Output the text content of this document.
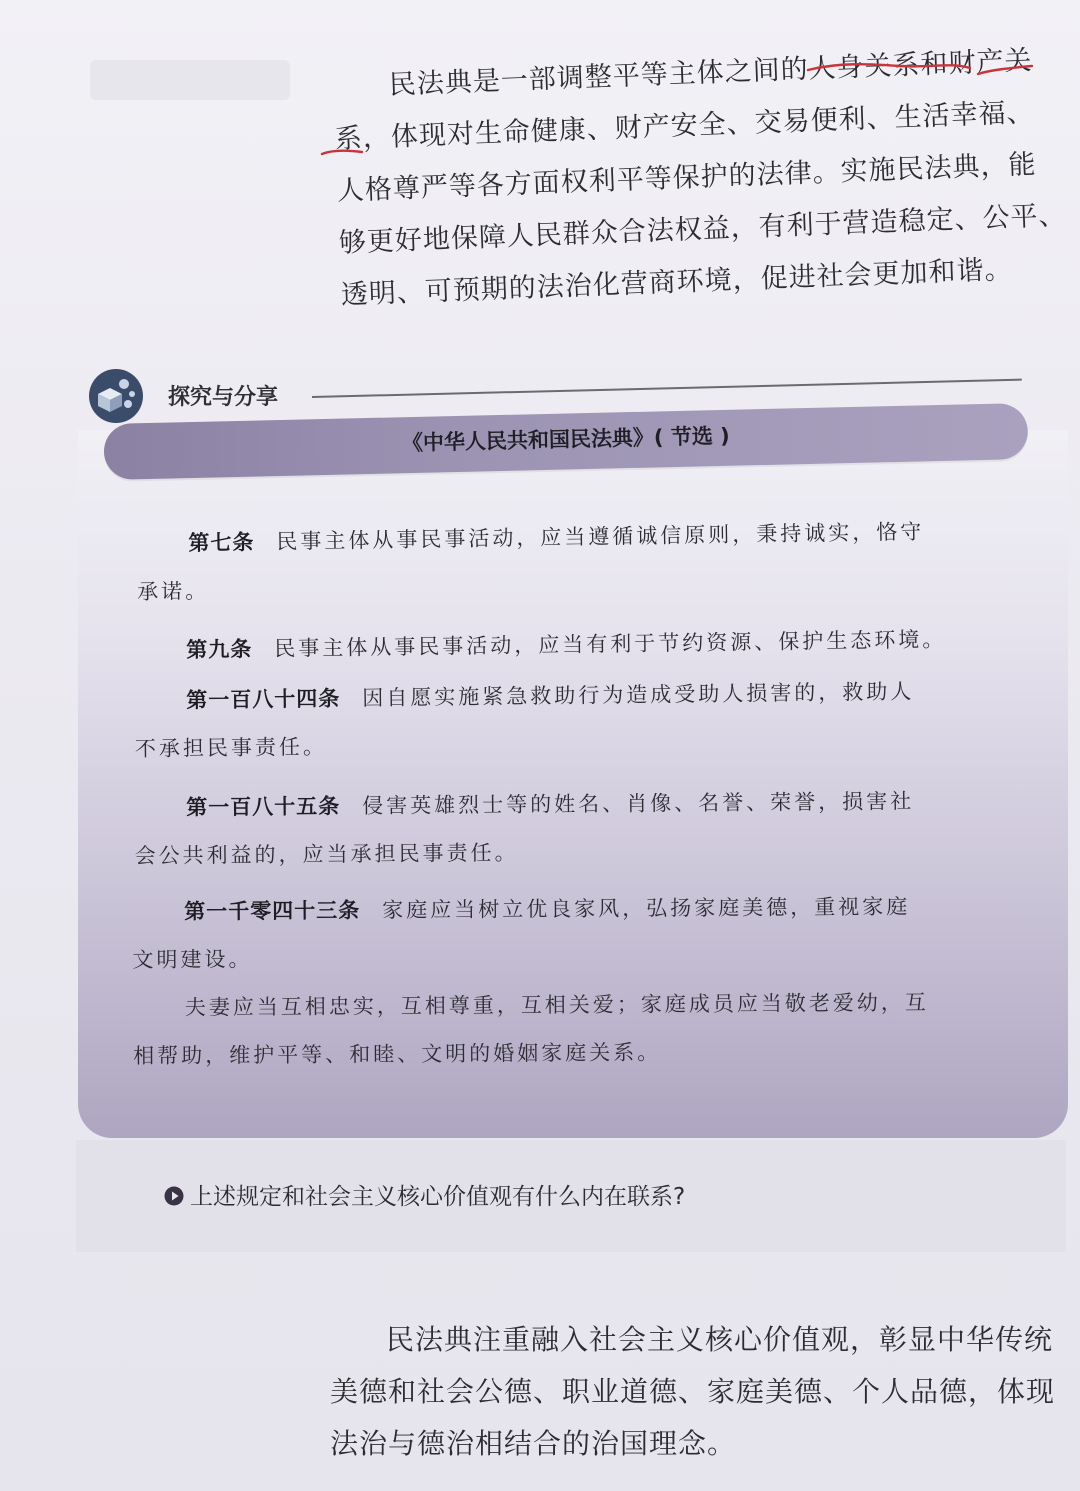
民法典是一部调整平等主体之间的人身关系和财产关
系，体现对生命健康、财产安全、交易便利、生活幸福、
人格尊严等各方面权利平等保护的法律。实施民法典，能
够更好地保障人民群众合法权益，有利于营造稳定、公平、
透明、可预期的法治化营商环境，促进社会更加和谐。
探究与分享
《中华人民共和国民法典》( 节选 )
第七条 民事主体从事民事活动，应当遵循诚信原则，秉持诚实，恪守
承诺。
第九条 民事主体从事民事活动，应当有利于节约资源、保护生态环境。
第一百八十四条 因自愿实施紧急救助行为造成受助人损害的，救助人
不承担民事责任。
第一百八十五条 侵害英雄烈士等的姓名、肖像、名誉、荣誉，损害社
会公共利益的，应当承担民事责任。
第一千零四十三条 家庭应当树立优良家风，弘扬家庭美德，重视家庭
文明建设。
夫妻应当互相忠实，互相尊重，互相关爱；家庭成员应当敬老爱幼，互
相帮助，维护平等、和睦、文明的婚姻家庭关系。
上述规定和社会主义核心价值观有什么内在联系?
民法典注重融入社会主义核心价值观，彰显中华传统
美德和社会公德、职业道德、家庭美德、个人品德，体现
法治与德治相结合的治国理念。
